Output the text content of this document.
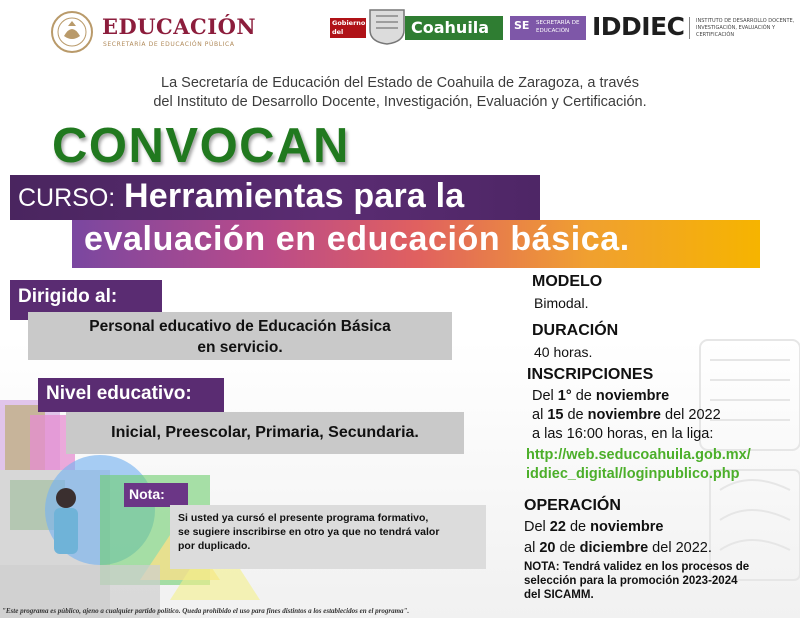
EDUCACIÓN
SECRETARÍA DE EDUCACIÓN PÚBLICA
Gobierno del Estado
Coahuila	SE SECRETARÍA DE EDUCACIÓN IDDIEC INSTITUTO DE DESARROLLO DOCENTE, INVESTIGACIÓN, EVALUACIÓN Y CERTIFICACIÓN
La Secretaría de Educación del Estado de Coahuila de Zaragoza, a través
del Instituto de Desarrollo Docente, Investigación, Evaluación y Certificación.
CONVOCAN
CURSO: Herramientas para la
evaluación en educación básica.
Dirigido al:
Personal educativo de Educación Básica
en servicio.
Nivel educativo:
Inicial, Preescolar, Primaria, Secundaria.
Nota:
Si usted ya cursó el presente programa formativo,
se sugiere inscribirse en otro ya que no tendrá valor
por duplicado.
MODELO
Bimodal.
DURACIÓN
40 horas.
INSCRIPCIONES
Del 1° de noviembre
al 15 de noviembre del 2022
a las 16:00 horas, en la liga:
http://web.seducoahuila.gob.mx/
iddiec_digital/loginpublico.php
OPERACIÓN
Del 22 de noviembre
al 20 de diciembre del 2022.
NOTA: Tendrá validez en los procesos de
selección para la promoción 2023-2024
del SICAMM.
"Este programa es público, ajeno a cualquier partido político. Queda prohibido el uso para fines distintos a los establecidos en el programa".
